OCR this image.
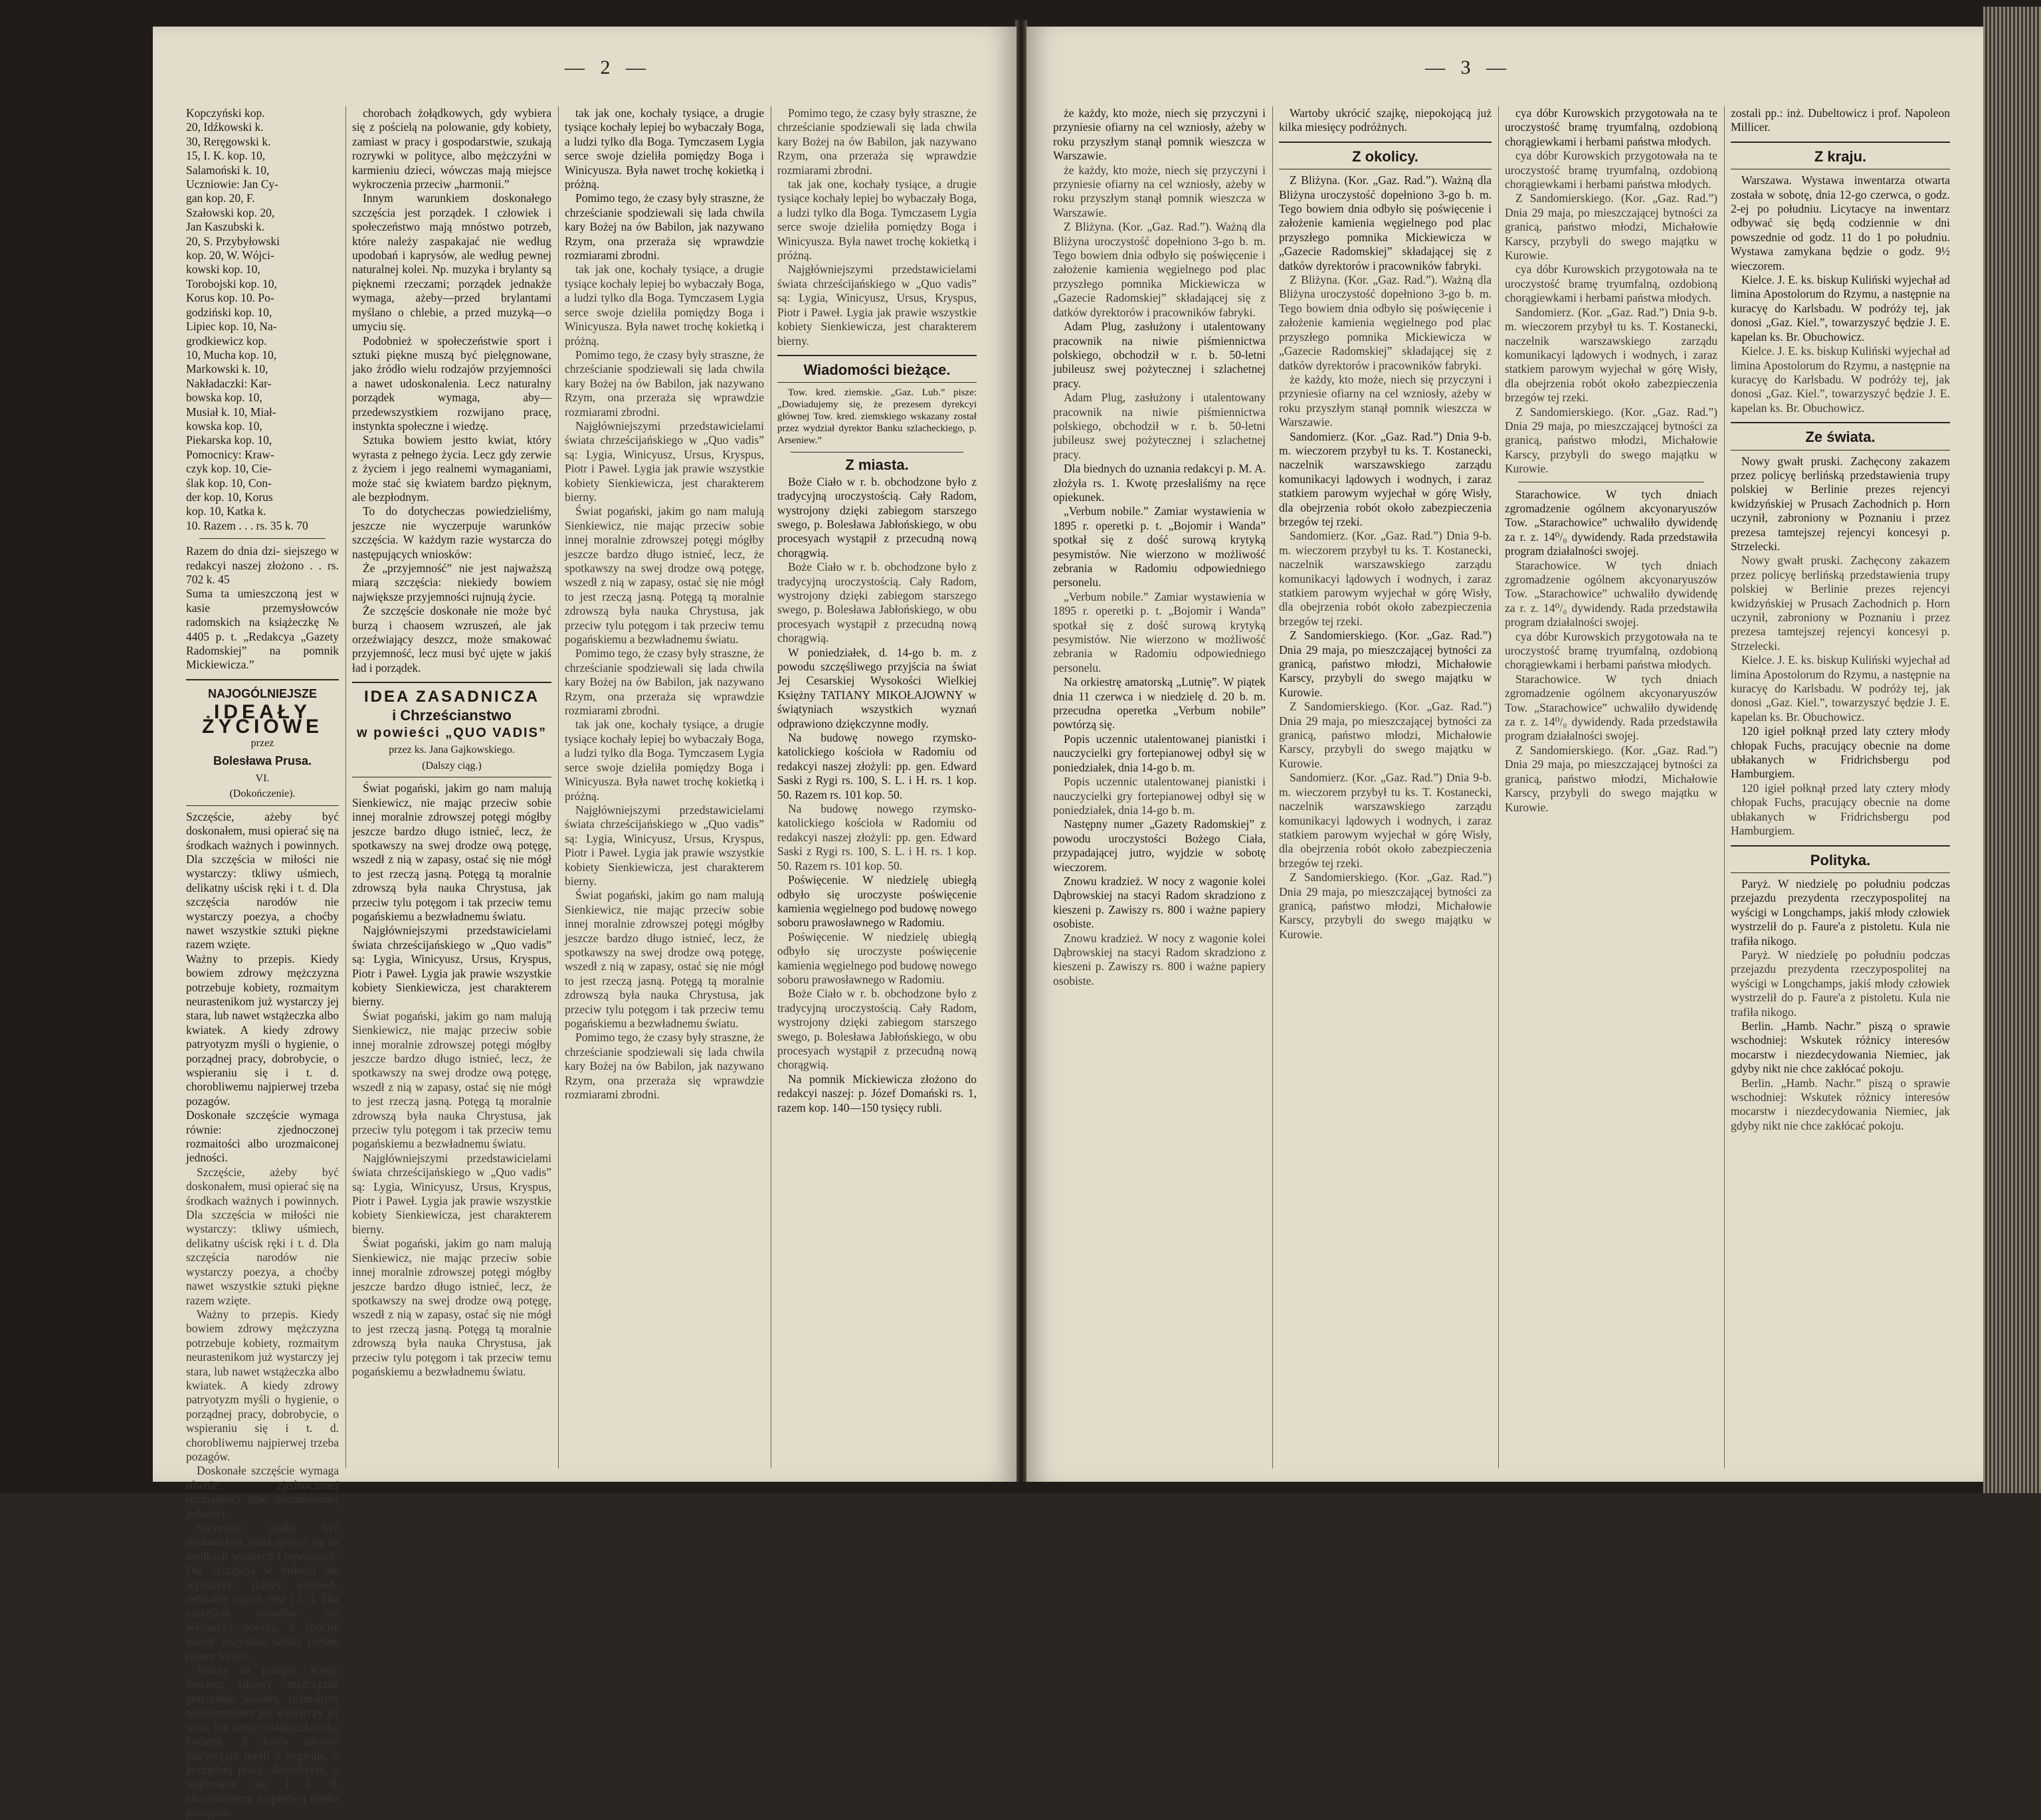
— 2 —

Kopczyński kop.

20, Idźkowski k.

30, Reręgowski k.

15, I. K. kop. 10,

Salamoński k. 10,

Uczniowie: Jan Cy-

gan kop. 20, F.

Szałowski kop. 20,

Jan Kaszubski k.

20, S. Przybyłowski

kop. 20, W. Wójci-

kowski kop. 10,

Torobojski kop. 10,

Korus kop. 10. Po-

godziński kop. 10,

Lipiec kop. 10, Na-

grodkiewicz kop.

10, Mucha kop. 10,

Markowski k. 10,

Nakładaczki: Kar-

bowska kop. 10,

Musiał k. 10, Miał-

kowska kop. 10,

Piekarska kop. 10,

Pomocnicy: Kraw-

czyk kop. 10, Cie-

ślak kop. 10, Con-

der kop. 10, Korus

kop. 10, Katka k.

10. Razem . . . rs. 35 k. 70

Razem do dnia dzi- siejszego w redakcyi naszej złożono . . rs. 702 k. 45

Suma ta umieszczoną jest w kasie przemysłowców radomskich na książeczkę № 4405 p. t. „Redakcya „Gazety Radomskiej” na pomnik Mickiewicza.”

NAJOGÓLNIEJSZE
IDEAŁY ŻYCIOWE
przez
Bolesława Prusa.
VI.
(Dokończenie).

Szczęście, ażeby być doskonałem, musi opierać się na środkach ważnych i powinnych. Dla szczęścia w miłości nie wystarczy: tkliwy uśmiech, delikatny uścisk ręki i t. d. Dla szczęścia narodów nie wystarczy poezya, a choćby nawet wszystkie sztuki piękne razem wzięte.

Ważny to przepis. Kiedy bowiem zdrowy mężczyzna potrzebuje kobiety, rozmaitym neurastenikom już wystarczy jej stara, lub nawet wstążeczka albo kwiatek. A kiedy zdrowy patryotyzm myśli o hygienie, o porządnej pracy, dobrobycie, o wspieraniu się i t. d. chorobliwemu najpierwej trzeba pozagów.

Doskonałe szczęście wymaga równie: zjednoczonej rozmaitości albo urozmaiconej jedności.

Szczęście, ażeby być doskonałem, musi opierać się na środkach ważnych i powinnych. Dla szczęścia w miłości nie wystarczy: tkliwy uśmiech, delikatny uścisk ręki i t. d. Dla szczęścia narodów nie wystarczy poezya, a choćby nawet wszystkie sztuki piękne razem wzięte.

Ważny to przepis. Kiedy bowiem zdrowy mężczyzna potrzebuje kobiety, rozmaitym neurastenikom już wystarczy jej stara, lub nawet wstążeczka albo kwiatek. A kiedy zdrowy patryotyzm myśli o hygienie, o porządnej pracy, dobrobycie, o wspieraniu się i t. d. chorobliwemu najpierwej trzeba pozagów.

Doskonałe szczęście wymaga równie: zjednoczonej rozmaitości albo urozmaiconej jedności.

Szczęście, ażeby być doskonałem, musi opierać się na środkach ważnych i powinnych. Dla szczęścia w miłości nie wystarczy: tkliwy uśmiech, delikatny uścisk ręki i t. d. Dla szczęścia narodów nie wystarczy poezya, a choćby nawet wszystkie sztuki piękne razem wzięte.

Ważny to przepis. Kiedy bowiem zdrowy mężczyzna potrzebuje kobiety, rozmaitym neurastenikom już wystarczy jej stara, lub nawet wstążeczka albo kwiatek. A kiedy zdrowy patryotyzm myśli o hygienie, o porządnej pracy, dobrobycie, o wspieraniu się i t. d. chorobliwemu najpierwej trzeba pozagów.

chorobach żołądkowych, gdy wybiera się z pościelą na polowanie, gdy kobiety, zamiast w pracy i gospodarstwie, szukają rozrywki w polityce, albo mężczyźni w karmieniu dzieci, wówczas mają miejsce wykroczenia przeciw „harmonii.”

Innym warunkiem doskonałego szczęścia jest porządek. I człowiek i społeczeństwo mają mnóstwo potrzeb, które należy zaspakajać nie według upodobań i kaprysów, ale według pewnej naturalnej kolei. Np. muzyka i brylanty są pięknemi rzeczami; porządek jednakże wymaga, ażeby—przed brylantami myślano o chlebie, a przed muzyką—o umyciu się.

Podobnież w społeczeństwie sport i sztuki piękne muszą być pielęgnowane, jako źródło wielu rodzajów przyjemności a nawet udoskonalenia. Lecz naturalny porządek wymaga, aby—przedewszystkiem rozwijano pracę, instynkta społeczne i wiedzę.

Sztuka bowiem jestto kwiat, który wyrasta z pełnego życia. Lecz gdy zerwie z życiem i jego realnemi wymaganiami, może stać się kwiatem bardzo pięknym, ale bezpłodnym.

To do dotycheczas powiedzieliśmy, jeszcze nie wyczerpuje warunków szczęścia. W każdym razie wystarcza do następujących wniosków:

Że „przyjemność” nie jest najważszą miarą szczęścia: niekiedy bowiem największe przyjemności rujnują życie.

Że szczęście doskonałe nie może być burzą i chaosem wzruszeń, ale jak orzeźwiający deszcz, może smakować przyjemność, lecz musi być ujęte w jakiś ład i porządek.

IDEA ZASADNICZA
i Chrześcianstwo
w powieści „QUO VADIS”
przez ks. Jana Gajkowskiego.
(Dalszy ciąg.)

Świat pogański, jakim go nam malują Sienkiewicz, nie mając przeciw sobie innej moralnie zdrowszej potęgi mógłby jeszcze bardzo długo istnieć, lecz, że spotkawszy na swej drodze ową potęgę, wszedł z nią w zapasy, ostać się nie mógł to jest rzeczą jasną. Potęgą tą moralnie zdrowszą była nauka Chrystusa, jak przeciw tylu potęgom i tak przeciw temu pogańskiemu a bezwładnemu światu.

Najgłówniejszymi przedstawicielami świata chrześcijańskiego w „Quo vadis” są: Lygia, Winicyusz, Ursus, Kryspus, Piotr i Paweł. Lygia jak prawie wszystkie kobiety Sienkiewicza, jest charakterem bierny.

Świat pogański, jakim go nam malują Sienkiewicz, nie mając przeciw sobie innej moralnie zdrowszej potęgi mógłby jeszcze bardzo długo istnieć, lecz, że spotkawszy na swej drodze ową potęgę, wszedł z nią w zapasy, ostać się nie mógł to jest rzeczą jasną. Potęgą tą moralnie zdrowszą była nauka Chrystusa, jak przeciw tylu potęgom i tak przeciw temu pogańskiemu a bezwładnemu światu.

Najgłówniejszymi przedstawicielami świata chrześcijańskiego w „Quo vadis” są: Lygia, Winicyusz, Ursus, Kryspus, Piotr i Paweł. Lygia jak prawie wszystkie kobiety Sienkiewicza, jest charakterem bierny.

Świat pogański, jakim go nam malują Sienkiewicz, nie mając przeciw sobie innej moralnie zdrowszej potęgi mógłby jeszcze bardzo długo istnieć, lecz, że spotkawszy na swej drodze ową potęgę, wszedł z nią w zapasy, ostać się nie mógł to jest rzeczą jasną. Potęgą tą moralnie zdrowszą była nauka Chrystusa, jak przeciw tylu potęgom i tak przeciw temu pogańskiemu a bezwładnemu światu.

tak jak one, kochały tysiące, a drugie tysiące kochały lepiej bo wybaczały Boga, a ludzi tylko dla Boga. Tymczasem Lygia serce swoje dzieliła pomiędzy Boga i Winicyusza. Była nawet trochę kokietką i próżną.

Pomimo tego, że czasy były straszne, że chrześcianie spodziewali się lada chwila kary Bożej na ów Babilon, jak nazywano Rzym, ona przeraża się wprawdzie rozmiarami zbrodni.

tak jak one, kochały tysiące, a drugie tysiące kochały lepiej bo wybaczały Boga, a ludzi tylko dla Boga. Tymczasem Lygia serce swoje dzieliła pomiędzy Boga i Winicyusza. Była nawet trochę kokietką i próżną.

Pomimo tego, że czasy były straszne, że chrześcianie spodziewali się lada chwila kary Bożej na ów Babilon, jak nazywano Rzym, ona przeraża się wprawdzie rozmiarami zbrodni.

Najgłówniejszymi przedstawicielami świata chrześcijańskiego w „Quo vadis” są: Lygia, Winicyusz, Ursus, Kryspus, Piotr i Paweł. Lygia jak prawie wszystkie kobiety Sienkiewicza, jest charakterem bierny.

Świat pogański, jakim go nam malują Sienkiewicz, nie mając przeciw sobie innej moralnie zdrowszej potęgi mógłby jeszcze bardzo długo istnieć, lecz, że spotkawszy na swej drodze ową potęgę, wszedł z nią w zapasy, ostać się nie mógł to jest rzeczą jasną. Potęgą tą moralnie zdrowszą była nauka Chrystusa, jak przeciw tylu potęgom i tak przeciw temu pogańskiemu a bezwładnemu światu.

Pomimo tego, że czasy były straszne, że chrześcianie spodziewali się lada chwila kary Bożej na ów Babilon, jak nazywano Rzym, ona przeraża się wprawdzie rozmiarami zbrodni.

tak jak one, kochały tysiące, a drugie tysiące kochały lepiej bo wybaczały Boga, a ludzi tylko dla Boga. Tymczasem Lygia serce swoje dzieliła pomiędzy Boga i Winicyusza. Była nawet trochę kokietką i próżną.

Najgłówniejszymi przedstawicielami świata chrześcijańskiego w „Quo vadis” są: Lygia, Winicyusz, Ursus, Kryspus, Piotr i Paweł. Lygia jak prawie wszystkie kobiety Sienkiewicza, jest charakterem bierny.

Świat pogański, jakim go nam malują Sienkiewicz, nie mając przeciw sobie innej moralnie zdrowszej potęgi mógłby jeszcze bardzo długo istnieć, lecz, że spotkawszy na swej drodze ową potęgę, wszedł z nią w zapasy, ostać się nie mógł to jest rzeczą jasną. Potęgą tą moralnie zdrowszą była nauka Chrystusa, jak przeciw tylu potęgom i tak przeciw temu pogańskiemu a bezwładnemu światu.

Pomimo tego, że czasy były straszne, że chrześcianie spodziewali się lada chwila kary Bożej na ów Babilon, jak nazywano Rzym, ona przeraża się wprawdzie rozmiarami zbrodni.

Pomimo tego, że czasy były straszne, że chrześcianie spodziewali się lada chwila kary Bożej na ów Babilon, jak nazywano Rzym, ona przeraża się wprawdzie rozmiarami zbrodni.

tak jak one, kochały tysiące, a drugie tysiące kochały lepiej bo wybaczały Boga, a ludzi tylko dla Boga. Tymczasem Lygia serce swoje dzieliła pomiędzy Boga i Winicyusza. Była nawet trochę kokietką i próżną.

Najgłówniejszymi przedstawicielami świata chrześcijańskiego w „Quo vadis” są: Lygia, Winicyusz, Ursus, Kryspus, Piotr i Paweł. Lygia jak prawie wszystkie kobiety Sienkiewicza, jest charakterem bierny.

Wiadomości bieżące.

Tow. kred. ziemskie. „Gaz. Lub.” pisze: „Dowiadujemy się, że prezesem dyrekcyi głównej Tow. kred. ziemskiego wskazany został przez wydział dyrektor Banku szlacheckiego, p. Arseniew.”

Z miasta.

Boże Ciało w r. b. obchodzone było z tradycyjną uroczystością. Cały Radom, wystrojony dzięki zabiegom starszego swego, p. Bolesława Jabłońskiego, w obu procesyach wystąpił z przecudną nową chorągwią.

Boże Ciało w r. b. obchodzone było z tradycyjną uroczystością. Cały Radom, wystrojony dzięki zabiegom starszego swego, p. Bolesława Jabłońskiego, w obu procesyach wystąpił z przecudną nową chorągwią.

W poniedziałek, d. 14-go b. m. z powodu szczęśliwego przyjścia na świat Jej Cesarskiej Wysokości Wielkiej Księżny TATIANY MIKOŁAJOWNY w świątyniach wszystkich wyznań odprawiono dziękczynne modły.

Na budowę nowego rzymsko-katolickiego kościoła w Radomiu od redakcyi naszej złożyli: pp. gen. Edward Saski z Rygi rs. 100, S. L. i H. rs. 1 kop. 50. Razem rs. 101 kop. 50.

Na budowę nowego rzymsko-katolickiego kościoła w Radomiu od redakcyi naszej złożyli: pp. gen. Edward Saski z Rygi rs. 100, S. L. i H. rs. 1 kop. 50. Razem rs. 101 kop. 50.

Poświęcenie. W niedzielę ubiegłą odbyło się uroczyste poświęcenie kamienia węgielnego pod budowę nowego soboru prawosławnego w Radomiu.

Poświęcenie. W niedzielę ubiegłą odbyło się uroczyste poświęcenie kamienia węgielnego pod budowę nowego soboru prawosławnego w Radomiu.

Boże Ciało w r. b. obchodzone było z tradycyjną uroczystością. Cały Radom, wystrojony dzięki zabiegom starszego swego, p. Bolesława Jabłońskiego, w obu procesyach wystąpił z przecudną nową chorągwią.

Na pomnik Mickiewicza złożono do redakcyi naszej: p. Józef Domański rs. 1, razem kop. 140—150 tysięcy rubli.

— 3 —

że każdy, kto może, niech się przyczyni i przyniesie ofiarny na cel wzniosły, ażeby w roku przyszłym stanął pomnik wieszcza w Warszawie.

że każdy, kto może, niech się przyczyni i przyniesie ofiarny na cel wzniosły, ażeby w roku przyszłym stanął pomnik wieszcza w Warszawie.

Z Bliżyna. (Kor. „Gaz. Rad.”). Ważną dla Bliżyna uroczystość dopełniono 3-go b. m. Tego bowiem dnia odbyło się poświęcenie i założenie kamienia węgielnego pod plac przyszłego pomnika Mickiewicza w „Gazecie Radomskiej” składającej się z datków dyrektorów i pracowników fabryki.

Adam Plug, zasłużony i utalentowany pracownik na niwie piśmiennictwa polskiego, obchodził w r. b. 50-letni jubileusz swej pożytecznej i szlachetnej pracy.

Adam Plug, zasłużony i utalentowany pracownik na niwie piśmiennictwa polskiego, obchodził w r. b. 50-letni jubileusz swej pożytecznej i szlachetnej pracy.

Dla biednych do uznania redakcyi p. M. A. złożyła rs. 1. Kwotę przesłaliśmy na ręce opiekunek.

„Verbum nobile.” Zamiar wystawienia w 1895 r. operetki p. t. „Bojomir i Wanda” spotkał się z dość surową krytyką pesymistów. Nie wierzono w możliwość zebrania w Radomiu odpowiedniego personelu.

„Verbum nobile.” Zamiar wystawienia w 1895 r. operetki p. t. „Bojomir i Wanda” spotkał się z dość surową krytyką pesymistów. Nie wierzono w możliwość zebrania w Radomiu odpowiedniego personelu.

Na orkiestrę amatorską „Lutnię”. W piątek dnia 11 czerwca i w niedzielę d. 20 b. m. przecudna operetka „Verbum nobile” powtórzą się.

Popis uczennic utalentowanej pianistki i nauczycielki gry fortepianowej odbył się w poniedziałek, dnia 14-go b. m.

Popis uczennic utalentowanej pianistki i nauczycielki gry fortepianowej odbył się w poniedziałek, dnia 14-go b. m.

Następny numer „Gazety Radomskiej” z powodu uroczystości Bożego Ciała, przypadającej jutro, wyjdzie w sobotę wieczorem.

Znowu kradzież. W nocy z wagonie kolei Dąbrowskiej na stacyi Radom skradziono z kieszeni p. Zawiszy rs. 800 i ważne papiery osobiste.

Znowu kradzież. W nocy z wagonie kolei Dąbrowskiej na stacyi Radom skradziono z kieszeni p. Zawiszy rs. 800 i ważne papiery osobiste.

Wartoby ukrócić szajkę, niepokojącą już kilka miesięcy podróżnych.

Z okolicy.

Z Bliżyna. (Kor. „Gaz. Rad.”). Ważną dla Bliżyna uroczystość dopełniono 3-go b. m. Tego bowiem dnia odbyło się poświęcenie i założenie kamienia węgielnego pod plac przyszłego pomnika Mickiewicza w „Gazecie Radomskiej” składającej się z datków dyrektorów i pracowników fabryki.

Z Bliżyna. (Kor. „Gaz. Rad.”). Ważną dla Bliżyna uroczystość dopełniono 3-go b. m. Tego bowiem dnia odbyło się poświęcenie i założenie kamienia węgielnego pod plac przyszłego pomnika Mickiewicza w „Gazecie Radomskiej” składającej się z datków dyrektorów i pracowników fabryki.

że każdy, kto może, niech się przyczyni i przyniesie ofiarny na cel wzniosły, ażeby w roku przyszłym stanął pomnik wieszcza w Warszawie.

Sandomierz. (Kor. „Gaz. Rad.”) Dnia 9-b. m. wieczorem przybył tu ks. T. Kostanecki, naczelnik warszawskiego zarządu komunikacyi lądowych i wodnych, i zaraz statkiem parowym wyjechał w górę Wisły, dla obejrzenia robót około zabezpieczenia brzegów tej rzeki.

Sandomierz. (Kor. „Gaz. Rad.”) Dnia 9-b. m. wieczorem przybył tu ks. T. Kostanecki, naczelnik warszawskiego zarządu komunikacyi lądowych i wodnych, i zaraz statkiem parowym wyjechał w górę Wisły, dla obejrzenia robót około zabezpieczenia brzegów tej rzeki.

Z Sandomierskiego. (Kor. „Gaz. Rad.”) Dnia 29 maja, po mieszczającej bytności za granicą, państwo młodzi, Michałowie Karscy, przybyli do swego majątku w Kurowie.

Z Sandomierskiego. (Kor. „Gaz. Rad.”) Dnia 29 maja, po mieszczającej bytności za granicą, państwo młodzi, Michałowie Karscy, przybyli do swego majątku w Kurowie.

Sandomierz. (Kor. „Gaz. Rad.”) Dnia 9-b. m. wieczorem przybył tu ks. T. Kostanecki, naczelnik warszawskiego zarządu komunikacyi lądowych i wodnych, i zaraz statkiem parowym wyjechał w górę Wisły, dla obejrzenia robót około zabezpieczenia brzegów tej rzeki.

Z Sandomierskiego. (Kor. „Gaz. Rad.”) Dnia 29 maja, po mieszczającej bytności za granicą, państwo młodzi, Michałowie Karscy, przybyli do swego majątku w Kurowie.

cya dóbr Kurowskich przygotowała na te uroczystość bramę tryumfalną, ozdobioną chorągiewkami i herbami państwa młodych.

cya dóbr Kurowskich przygotowała na te uroczystość bramę tryumfalną, ozdobioną chorągiewkami i herbami państwa młodych.

Z Sandomierskiego. (Kor. „Gaz. Rad.”) Dnia 29 maja, po mieszczającej bytności za granicą, państwo młodzi, Michałowie Karscy, przybyli do swego majątku w Kurowie.

cya dóbr Kurowskich przygotowała na te uroczystość bramę tryumfalną, ozdobioną chorągiewkami i herbami państwa młodych.

Sandomierz. (Kor. „Gaz. Rad.”) Dnia 9-b. m. wieczorem przybył tu ks. T. Kostanecki, naczelnik warszawskiego zarządu komunikacyi lądowych i wodnych, i zaraz statkiem parowym wyjechał w górę Wisły, dla obejrzenia robót około zabezpieczenia brzegów tej rzeki.

Z Sandomierskiego. (Kor. „Gaz. Rad.”) Dnia 29 maja, po mieszczającej bytności za granicą, państwo młodzi, Michałowie Karscy, przybyli do swego majątku w Kurowie.

Starachowice. W tych dniach zgromadzenie ogólnem akcyonaryuszów Tow. „Starachowice” uchwaliło dywidendę za r. z. 14⁰/₀ dywidendy. Rada przedstawiła program działalności swojej.

Starachowice. W tych dniach zgromadzenie ogólnem akcyonaryuszów Tow. „Starachowice” uchwaliło dywidendę za r. z. 14⁰/₀ dywidendy. Rada przedstawiła program działalności swojej.

cya dóbr Kurowskich przygotowała na te uroczystość bramę tryumfalną, ozdobioną chorągiewkami i herbami państwa młodych.

Starachowice. W tych dniach zgromadzenie ogólnem akcyonaryuszów Tow. „Starachowice” uchwaliło dywidendę za r. z. 14⁰/₀ dywidendy. Rada przedstawiła program działalności swojej.

Z Sandomierskiego. (Kor. „Gaz. Rad.”) Dnia 29 maja, po mieszczającej bytności za granicą, państwo młodzi, Michałowie Karscy, przybyli do swego majątku w Kurowie.

zostali pp.: inż. Dubeltowicz i prof. Napoleon Millicer.

Z kraju.

Warszawa. Wystawa inwentarza otwarta została w sobotę, dnia 12-go czerwca, o godz. 2-ej po południu. Licytacye na inwentarz odbywać się będą codziennie w dni powszednie od godz. 11 do 1 po południu. Wystawa zamykana będzie o godz. 9½ wieczorem.

Kielce. J. E. ks. biskup Kuliński wyjechał ad limina Apostolorum do Rzymu, a następnie na kuracyę do Karlsbadu. W podróży tej, jak donosi „Gaz. Kiel.”, towarzyszyć będzie J. E. kapelan ks. Br. Obuchowicz.

Kielce. J. E. ks. biskup Kuliński wyjechał ad limina Apostolorum do Rzymu, a następnie na kuracyę do Karlsbadu. W podróży tej, jak donosi „Gaz. Kiel.”, towarzyszyć będzie J. E. kapelan ks. Br. Obuchowicz.

Ze świata.

Nowy gwałt pruski. Zachęcony zakazem przez policyę berlińską przedstawienia trupy polskiej w Berlinie prezes rejencyi kwidzyńskiej w Prusach Zachodnich p. Horn uczynił, zabroniony w Poznaniu i przez prezesa tamtejszej rejencyi koncesyi p. Strzelecki.

Nowy gwałt pruski. Zachęcony zakazem przez policyę berlińską przedstawienia trupy polskiej w Berlinie prezes rejencyi kwidzyńskiej w Prusach Zachodnich p. Horn uczynił, zabroniony w Poznaniu i przez prezesa tamtejszej rejencyi koncesyi p. Strzelecki.

Kielce. J. E. ks. biskup Kuliński wyjechał ad limina Apostolorum do Rzymu, a następnie na kuracyę do Karlsbadu. W podróży tej, jak donosi „Gaz. Kiel.”, towarzyszyć będzie J. E. kapelan ks. Br. Obuchowicz.

120 igieł połknął przed laty cztery młody chłopak Fuchs, pracujący obecnie na dome ubłakanych w Fridrichsbergu pod Hamburgiem.

120 igieł połknął przed laty cztery młody chłopak Fuchs, pracujący obecnie na dome ubłakanych w Fridrichsbergu pod Hamburgiem.

Polityka.

Paryż. W niedzielę po południu podczas przejazdu prezydenta rzeczypospolitej na wyścigi w Longchamps, jakiś młody człowiek wystrzelił do p. Faure'a z pistoletu. Kula nie trafiła nikogo.

Paryż. W niedzielę po południu podczas przejazdu prezydenta rzeczypospolitej na wyścigi w Longchamps, jakiś młody człowiek wystrzelił do p. Faure'a z pistoletu. Kula nie trafiła nikogo.

Berlin. „Hamb. Nachr.” piszą o sprawie wschodniej: Wskutek różnicy interesów mocarstw i niezdecydowania Niemiec, jak gdyby nikt nie chce zakłócać pokoju.

Berlin. „Hamb. Nachr.” piszą o sprawie wschodniej: Wskutek różnicy interesów mocarstw i niezdecydowania Niemiec, jak gdyby nikt nie chce zakłócać pokoju.
